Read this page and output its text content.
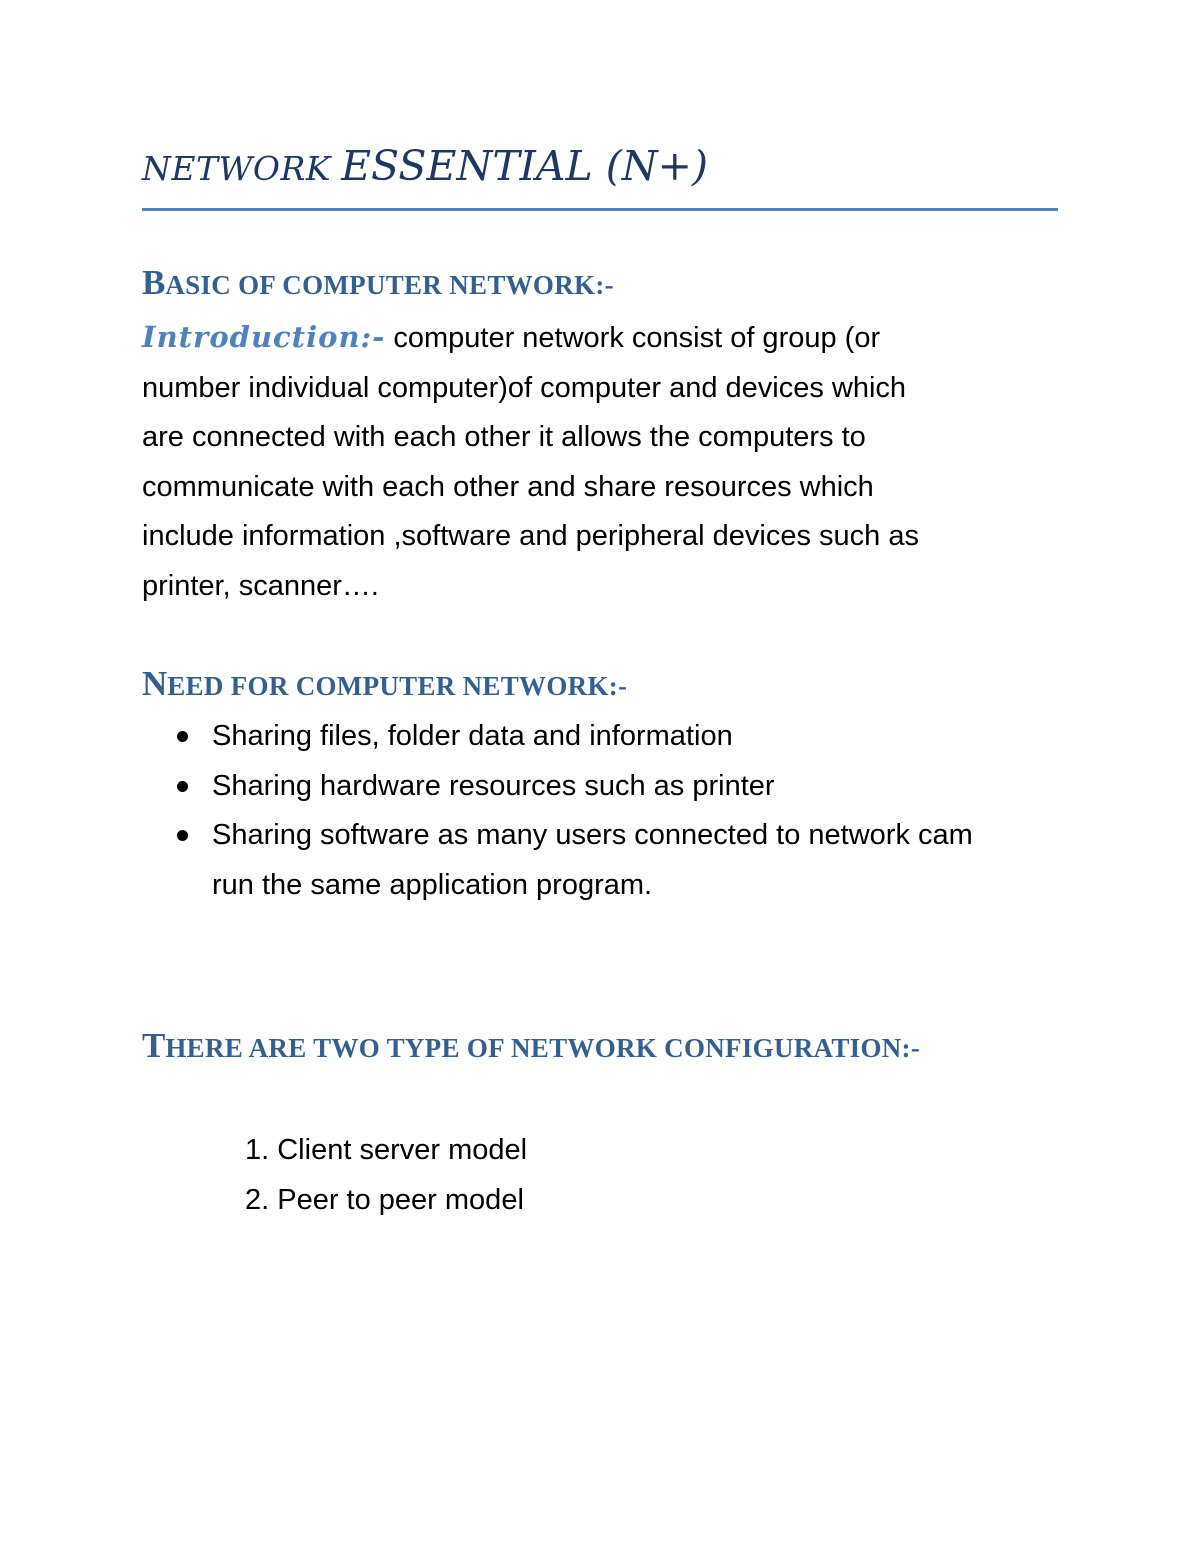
NETWORK ESSENTIAL (N+)
BASIC OF COMPUTER NETWORK:-
Introduction:- computer network consist of group (or
number individual computer)of computer and devices which
are connected with each other it allows the computers to
communicate with each other and share resources which
include information ,software and peripheral devices such as
printer, scanner….
NEED FOR COMPUTER NETWORK:-
Sharing files, folder data and information
Sharing hardware resources such as printer
Sharing software as many users connected to network cam
run the same application program.
THERE ARE TWO TYPE OF NETWORK CONFIGURATION:-
1. Client server model
2. Peer to peer model
